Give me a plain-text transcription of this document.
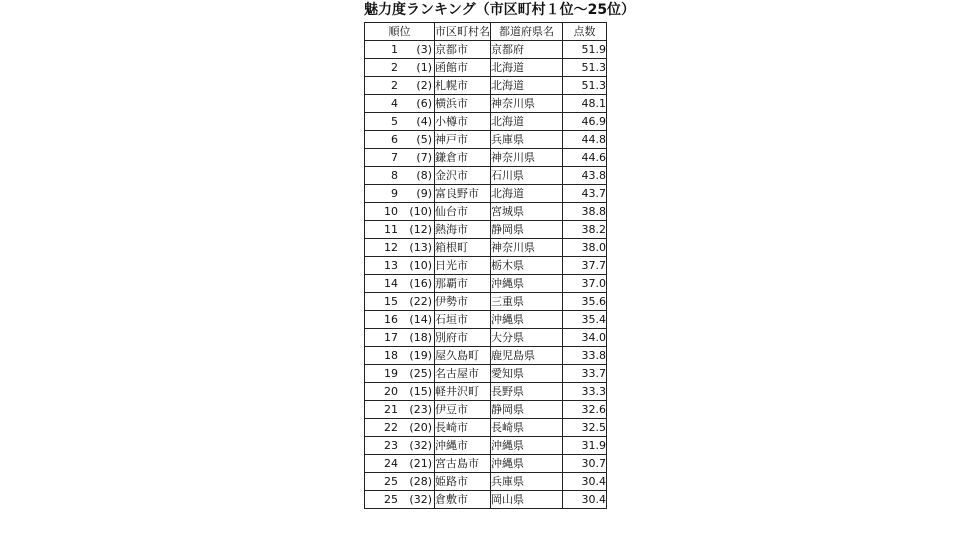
魅力度ランキング（市区町村１位～25位）
順位	市区町村名	都道府県名	点数
1 (3)	京都市	京都府	51.9
2 (1)	函館市	北海道	51.3
2 (2)	札幌市	北海道	51.3
4 (6)	横浜市	神奈川県	48.1
5 (4)	小樽市	北海道	46.9
6 (5)	神戸市	兵庫県	44.8
7 (7)	鎌倉市	神奈川県	44.6
8 (8)	金沢市	石川県	43.8
9 (9)	富良野市	北海道	43.7
10 (10)	仙台市	宮城県	38.8
11 (12)	熱海市	静岡県	38.2
12 (13)	箱根町	神奈川県	38.0
13 (10)	日光市	栃木県	37.7
14 (16)	那覇市	沖縄県	37.0
15 (22)	伊勢市	三重県	35.6
16 (14)	石垣市	沖縄県	35.4
17 (18)	別府市	大分県	34.0
18 (19)	屋久島町	鹿児島県	33.8
19 (25)	名古屋市	愛知県	33.7
20 (15)	軽井沢町	長野県	33.3
21 (23)	伊豆市	静岡県	32.6
22 (20)	長崎市	長崎県	32.5
23 (32)	沖縄市	沖縄県	31.9
24 (21)	宮古島市	沖縄県	30.7
25 (28)	姫路市	兵庫県	30.4
25 (32)	倉敷市	岡山県	30.4
